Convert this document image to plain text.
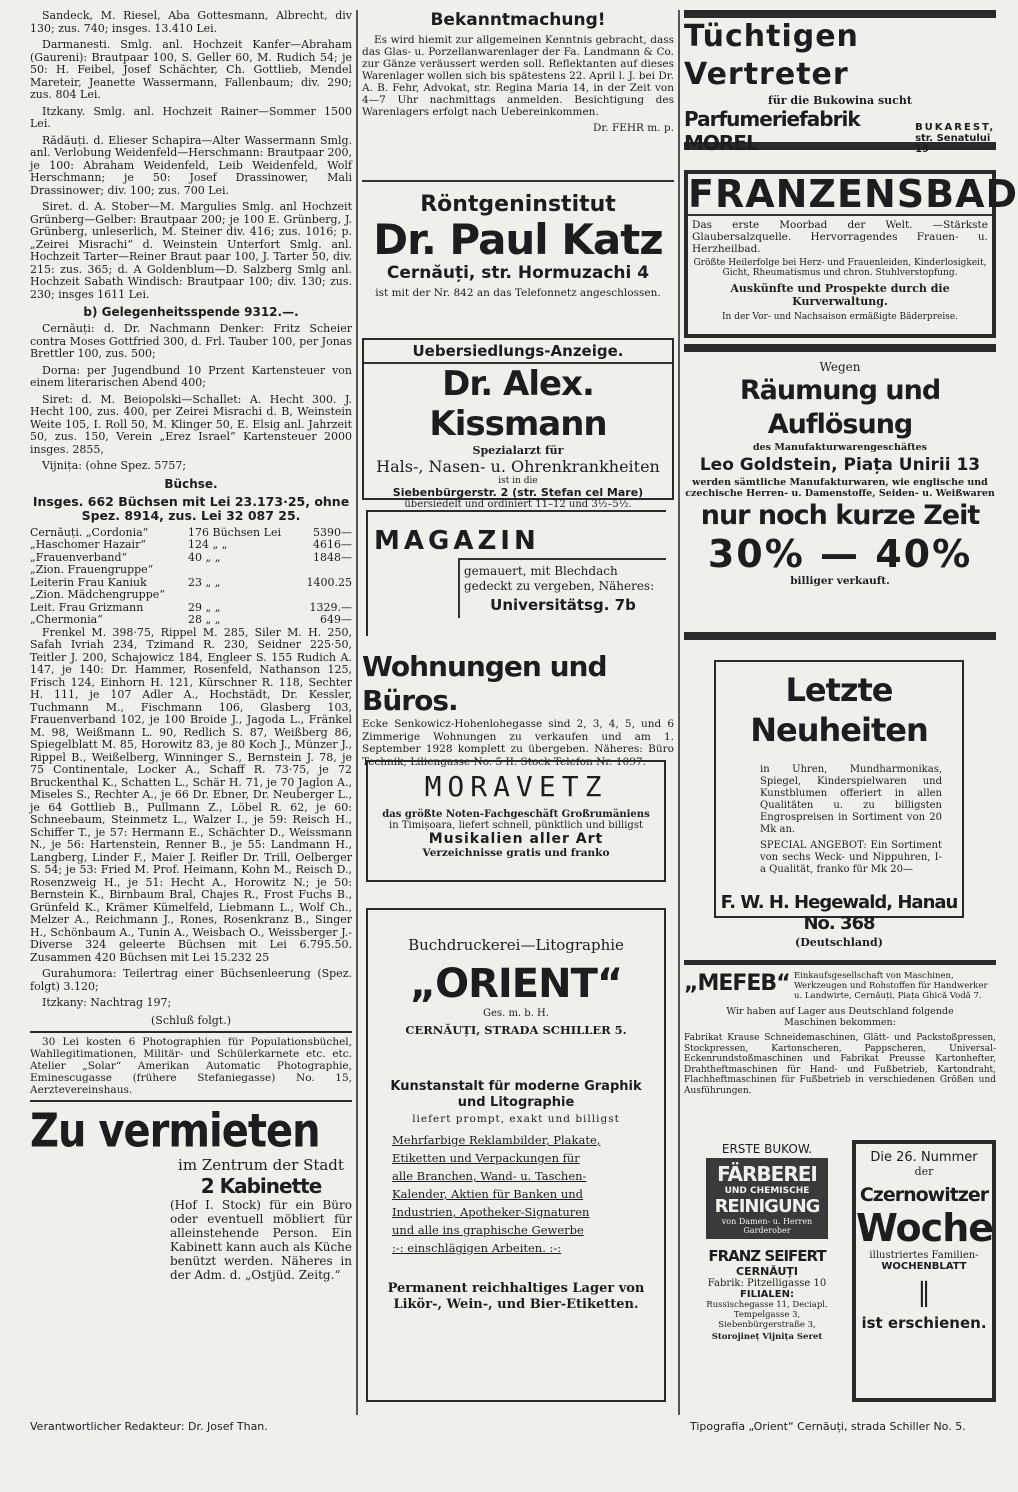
Sandeck, M. Riesel, Aba Gottesmann, Albrecht, div 130; zus. 740; insges. 13.410 Lei.

Darmanesti. Smlg. anl. Hochzeit Kanfer—Abraham (Gaureni): Brautpaar 100, S. Geller 60, M. Rudich 54; je 50: H. Feibel, Josef Schächter, Ch. Gottlieb, Mendel Mareteir, Jeanette Wassermann, Fallenbaum; div. 290; zus. 804 Lei.

Itzkany. Smlg. anl. Hochzeit Rainer—Sommer 1500 Lei.

Rădăuți. d. Elieser Schapira—Alter Wassermann Smlg. anl. Verlobung Weidenfeld—Herschmann: Brautpaar 200, je 100: Abraham Weidenfeld, Leib Weidenfeld, Wolf Herschmann; je 50: Josef Drassinower, Mali Drassinower; div. 100; zus. 700 Lei.

Siret. d. A. Stober—M. Margulies Smlg. anl Hochzeit Grünberg—Gelber: Brautpaar 200; je 100 E. Grünberg, J. Grünberg, unleserlich, M. Steiner div. 416; zus. 1016; p. „Zeirei Misrachi“ d. Weinstein Unterfort Smlg. anl. Hochzeit Tarter—Reiner Braut paar 100, J. Tarter 50, div. 215: zus. 365; d. A Goldenblum—D. Salzberg Smlg anl. Hochzeit Sabath Windisch: Brautpaar 100; div. 130; zus. 230; insges 1611 Lei.

b) Gelegenheitsspende 9312.—.

Cernăuți: d. Dr. Nachmann Denker: Fritz Scheier contra Moses Gottfried 300, d. Frl. Tauber 100, per Jonas Brettler 100, zus. 500;

Dorna: per Jugendbund 10 Przent Kartensteuer von einem literarischen Abend 400;

Siret: d. M. Beiopolski—Schallet: A. Hecht 300. J. Hecht 100, zus. 400, per Zeirei Misrachi d. B, Weinstein Weite 105, I. Roll 50, M. Klinger 50, E. Elsig anl. Jahrzeit 50, zus. 150, Verein „Erez Israel“ Kartensteuer 2000 insges. 2855,

Vijnița: (ohne Spez. 5757;

Büchse.
Insges. 662 Büchsen mit Lei 23.173·25, ohne Spez. 8914, zus. Lei 32 087 25.
Cernăuți. „Cordonia“	176 Büchsen Lei	5390—
„Haschomer Hazair“	124 „ „	4616—
„Frauenverband“	40 „ „	1848—
„Zion. Frauengruppe“
Leiterin Frau Kaniuk	23 „ „	1400.25
„Zion. Mädchengruppe“
Leit. Frau Grizmann	29 „ „	1329.—
„Chermonia“	28 „ „	649—

Frenkel M. 398·75, Rippel M. 285, Siler M. H. 250, Safah Ivriah 234, Tzimand R. 230, Seidner 225·50, Teitler J. 200, Schajowicz 184, Engleer S. 155 Rudich A. 147, je 140: Dr. Hammer, Rosenfeld, Nathanson 125, Frisch 124, Einhorn H. 121, Kürschner R. 118, Sechter H. 111, je 107 Adler A., Hochstädt, Dr. Kessler, Tuchmann M., Fischmann 106, Glasberg 103, Frauenverband 102, je 100 Broide J., Jagoda L., Fränkel M. 98, Weißmann L. 90, Redlich S. 87, Weißberg 86, Spiegelblatt M. 85, Horowitz 83, je 80 Koch J., Münzer J., Rippel B., Weißelberg, Winninger S., Bernstein J. 78, je 75 Continentale, Locker A., Schaff R. 73·75, je 72 Bruckenthal K., Schatten L., Schär H. 71, je 70 Jaglon A., Miseles S., Rechter A., je 66 Dr. Ebner, Dr. Neuberger L., je 64 Gottlieb B., Pullmann Z., Löbel R. 62, je 60: Schneebaum, Steinmetz L., Walzer I., je 59: Reisch H., Schiffer T., je 57: Hermann E., Schächter D., Weissmann N., je 56: Hartenstein, Renner B., je 55: Landmann H., Langberg, Linder F., Maier J. Reifler Dr. Trill, Oelberger S. 54; je 53: Fried M. Prof. Heimann, Kohn M., Reisch D., Rosenzweig H., je 51: Hecht A., Horowitz N.; je 50: Bernstein K., Birnbaum Bral, Chajes R., Frost Fuchs B., Grünfeld K., Krämer Kümelfeld, Liebmann L., Wolf Ch., Melzer A., Reichmann J., Rones, Rosenkranz B., Singer H., Schönbaum A., Tunin A., Weisbach O., Weissberger J.- Diverse 324 geleerte Büchsen mit Lei 6.795.50. Zusammen 420 Büchsen mit Lei 15.232 25

Gurahumora: Teilertrag einer Büchsenleerung (Spez. folgt) 3.120;

Itzkany: Nachtrag 197;

(Schluß folgt.)

30 Lei kosten 6 Photographien für Populationsbüchel, Wahllegitimationen, Militär- und Schülerkarnete etc. etc. Atelier „Solar“ Amerikan Automatic Photographie, Eminescugasse (frühere Stefaniegasse) No. 15, Aerztevereinshaus.

Zu vermieten
im Zentrum der Stadt
2 Kabinette

(Hof I. Stock) für ein Büro oder eventuell möbliert für alleinstehende Person. Ein Kabinett kann auch als Küche benützt werden. Näheres in der Adm. d. „Ostjüd. Zeitg.“

Bekanntmachung!

Es wird hiemit zur allgemeinen Kenntnis gebracht, dass das Glas- u. Porzellanwarenlager der Fa. Landmann & Co. zur Gänze veräussert werden soll. Reflektanten auf dieses Warenlager wollen sich bis spätestens 22. April l. J. bei Dr. A. B. Fehr, Advokat, str. Regina Maria 14, in der Zeit von 4—7 Uhr nachmittags anmelden. Besichtigung des Warenlagers erfolgt nach Uebereinkommen.

Dr. FEHR m. p.
Röntgeninstitut
Dr. Paul Katz
Cernăuți, str. Hormuzachi 4
ist mit der Nr. 842 an das Telefonnetz angeschlossen.
Uebersiedlungs-Anzeige.
Dr. Alex. Kissmann
Spezialarzt für
Hals-, Nasen- u. Ohrenkrankheiten
ist in die
Siebenbürgerstr. 2 (str. Stefan cel Mare)
übersiedelt und ordiniert 11–12 und 3½–5½.
MAGAZIN
gemauert, mit Blechdach gedeckt zu vergeben, Näheres:
Universitätsg. 7b
Wohnungen und Büros.

Ecke Senkowicz-Hohenlohegasse sind 2, 3, 4, 5, und 6 Zimmerige Wohnungen zu verkaufen und am 1. September 1928 komplett zu übergeben. Näheres: Büro Technik, Liliengasse No. 5 II. Stock Telefon Nr. 1097.

MORAVETZ
das größte Noten-Fachgeschäft Großrumäniens
in Timișoara, liefert schnell, pünktlich und billigst
Musikalien aller Art
Verzeichnisse gratis und franko
Buchdruckerei—Litographie
„ORIENT“
Ges. m. b. H.
CERNĂUȚI, STRADA SCHILLER 5.
Kunstanstalt für moderne Graphik und Litographie
liefert prompt, exakt und billigst
Mehrfarbige Reklambilder, Plakate,
Etiketten und Verpackungen für
alle Branchen, Wand- u. Taschen-
Kalender, Aktien für Banken und
Industrien, Apotheker-Signaturen
und alle ins graphische Gewerbe
:-: einschlägigen Arbeiten. :-:
Permanent reichhaltiges Lager von Likör-, Wein-, und Bier-Etiketten.
Tüchtigen Vertreter
für die Bukowina sucht
Parfumeriefabrik MOREL
BUKAREST,
str. Senatului 19
FRANZENSBAD

Das erste Moorbad der Welt. —Stärkste Glaubersalzquelle. Hervorragendes Frauen- u. Herzheilbad.

Größte Heilerfolge bei Herz- und Frauenleiden, Kinderlosigkeit, Gicht, Rheumatismus und chron. Stuhlverstopfung.
Auskünfte und Prospekte durch die Kurverwaltung.
In der Vor- und Nachsaison ermäßigte Bäderpreise.
Wegen
Räumung und Auflösung
des Manufakturwarengeschäftes
Leo Goldstein, Piața Unirii 13
werden sämtliche Manufakturwaren, wie englische und czechische Herren- u. Damenstoffe, Seiden- u. Weißwaren
nur noch kurze Zeit
30% — 40%
billiger verkauft.
Letzte Neuheiten

in Uhren, Mundharmonikas, Spiegel, Kinderspielwaren und Kunstblumen offeriert in allen Qualitäten u. zu billigsten Engrospreisen in Sortiment von 20 Mk an.

SPECIAL ANGEBOT: Ein Sortiment von sechs Weck- und Nippuhren, I-a Qualität, franko für Mk 20—

F. W. H. Hegewald, Hanau No. 368
(Deutschland)
„MEFEB“ Einkaufsgesellschaft von Maschinen, Werkzeugen und Rohstoffen für Handwerker u. Landwirte, Cernăuți, Piața Ghică Vodă 7.
Wir haben auf Lager aus Deutschland folgende Maschinen bekommen:

Fabrikat Krause Schneidemaschinen, Glätt- und Packstoßpressen, Stockpressen, Kartonscheren, Pappscheren, Universal-Eckenrundstoßmaschinen und Fabrikat Preusse Kartonhefter, Drahtheftmaschinen für Hand- und Fußbetrieb, Kartondraht, Flachheftmaschinen für Fußbetrieb in verschiedenen Größen und Ausführungen.

ERSTE BUKOW.
FÄRBEREI
UND CHEMISCHE
REINIGUNG
von Damen- u. Herren Garderober
FRANZ SEIFERT
CERNĂUȚI
Fabrik: Pitzelligasse 10
FILIALEN:
Russischegasse 11, Deciapl. Tempelgasse 3, Siebenbürgerstraße 3,
Storojineț Vijnița Seret
Die 26. Nummer
der
Czernowitzer
Woche
illustriertes Familien-
WOCHENBLATT
‖
ist erschienen.
Verantwortlicher Redakteur: Dr. Josef Than.	Tipografia „Orient“ Cernăuți, strada Schiller No. 5.
